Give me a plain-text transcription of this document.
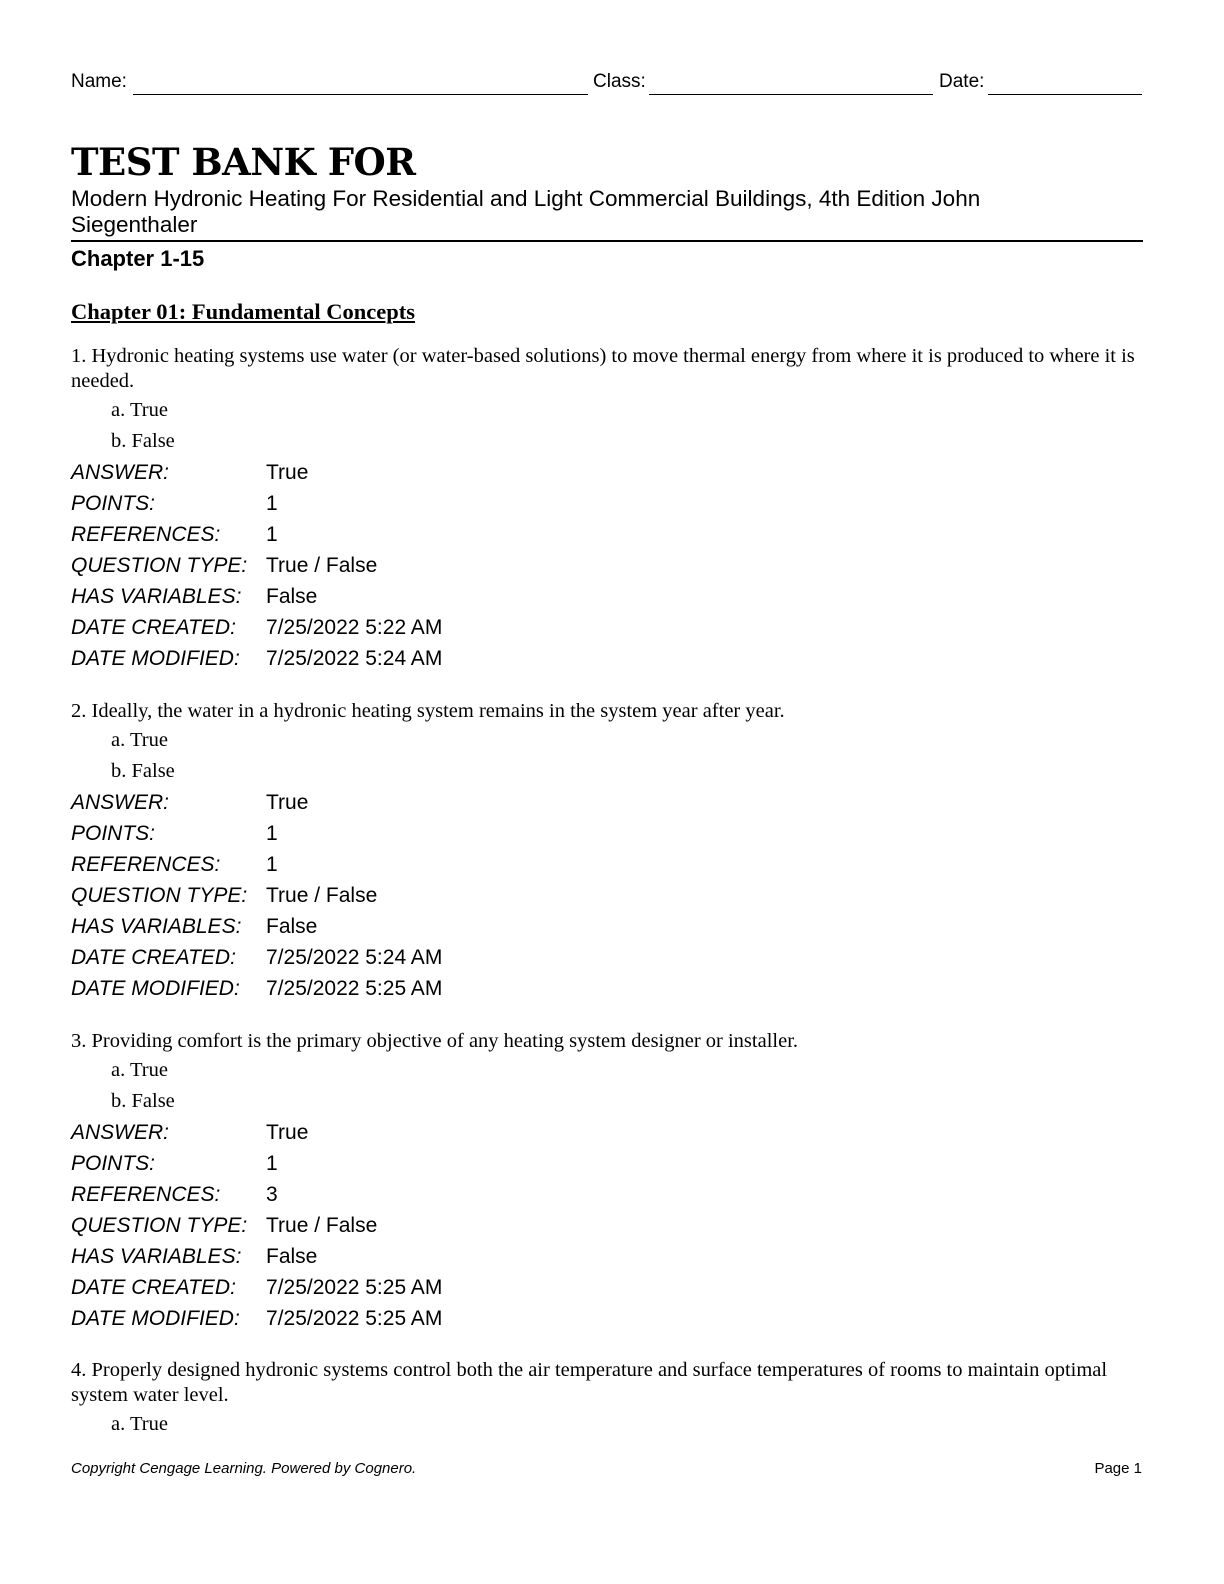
Name:	Class:	Date:
TEST BANK FOR
Modern Hydronic Heating For Residential and Light Commercial Buildings, 4th Edition John Siegenthaler
Chapter 1-15
Chapter 01: Fundamental Concepts

1. Hydronic heating systems use water (or water-based solutions) to move thermal energy from where it is produced to where it is needed.

a. True
b. False
ANSWER:	True
POINTS:	1
REFERENCES:	1
QUESTION TYPE: True / False
HAS VARIABLES:	False
DATE CREATED:	7/25/2022 5:22 AM
DATE MODIFIED:	7/25/2022 5:24 AM

2. Ideally, the water in a hydronic heating system remains in the system year after year.

a. True
b. False
ANSWER:	True
POINTS:	1
REFERENCES:	1
QUESTION TYPE: True / False
HAS VARIABLES:	False
DATE CREATED:	7/25/2022 5:24 AM
DATE MODIFIED:	7/25/2022 5:25 AM

3. Providing comfort is the primary objective of any heating system designer or installer.

a. True
b. False
ANSWER:	True
POINTS:	1
REFERENCES:	3
QUESTION TYPE: True / False
HAS VARIABLES:	False
DATE CREATED:	7/25/2022 5:25 AM
DATE MODIFIED:	7/25/2022 5:25 AM

4. Properly designed hydronic systems control both the air temperature and surface temperatures of rooms to maintain optimal system water level.

a. True
Copyright Cengage Learning. Powered by Cognero.	Page 1
